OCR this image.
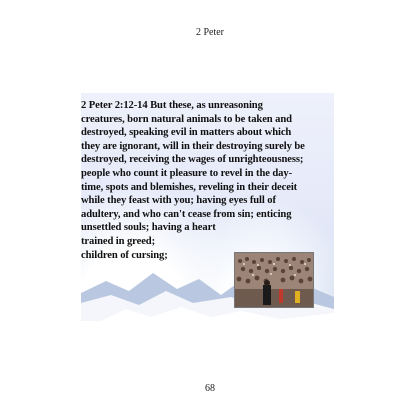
2 Peter

2 Peter 2:12-14 But these, as unreasoning
creatures, born natural animals to be taken and
destroyed, speaking evil in matters about which
they are ignorant, will in their destroying surely be
destroyed, receiving the wages of unrighteousness;
people who count it pleasure to revel in the day-
time, spots and blemishes, reveling in their deceit
while they feast with you; having eyes full of
adultery, and who can't cease from sin; enticing
unsettled souls; having a heart
trained in greed;
children of cursing;

68
